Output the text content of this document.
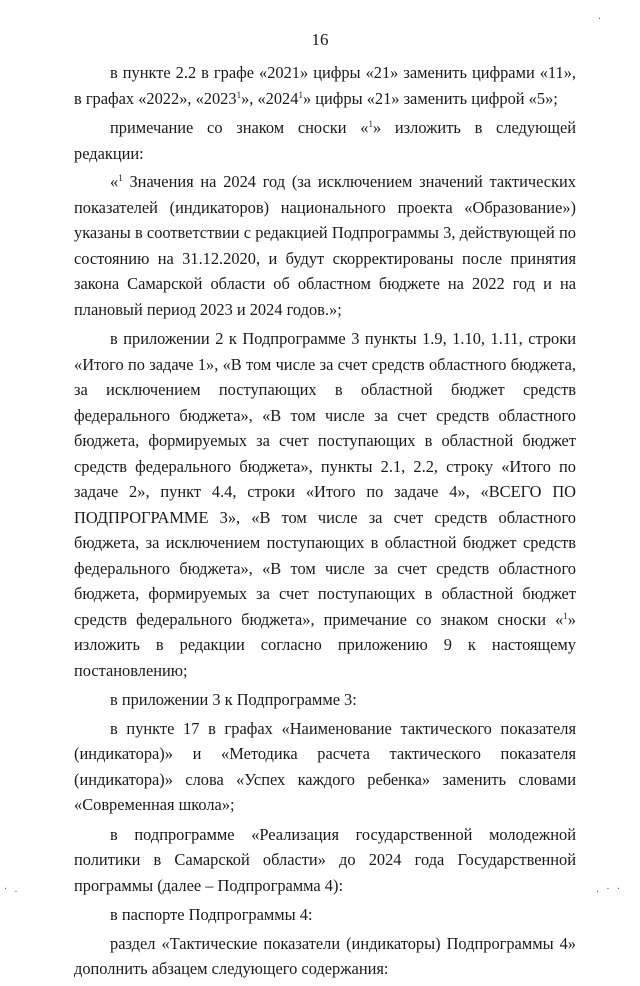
16

в пункте 2.2 в графе «2021» цифры «21» заменить цифрами «11», в графах «2022», «2023$^1$», «2024$^1$» цифры «21» заменить цифрой «5»;

примечание со знаком сноски «$^1$» изложить в следующей редакции:

«$^1$ Значения на 2024 год (за исключением значений тактических показателей (индикаторов) национального проекта «Образование») указаны в соответствии с редакцией Подпрограммы 3, действующей по состоянию на 31.12.2020, и будут скорректированы после принятия закона Самарской области об областном бюджете на 2022 год и на плановый период 2023 и 2024 годов.»;

в приложении 2 к Подпрограмме 3 пункты 1.9, 1.10, 1.11, строки «Итого по задаче 1», «В том числе за счет средств областного бюджета, за исключением поступающих в областной бюджет средств федерального бюджета», «В том числе за счет средств областного бюджета, формируемых за счет поступающих в областной бюджет средств федерального бюджета», пункты 2.1, 2.2, строку «Итого по задаче 2», пункт 4.4, строки «Итого по задаче 4», «ВСЕГО ПО ПОДПРОГРАММЕ 3», «В том числе за счет средств областного бюджета, за исключением поступающих в областной бюджет средств федерального бюджета», «В том числе за счет средств областного бюджета, формируемых за счет поступающих в областной бюджет средств федерального бюджета», примечание со знаком сноски «$^1$» изложить в редакции согласно приложению 9 к настоящему постановлению;

в приложении 3 к Подпрограмме 3:

в пункте 17 в графах «Наименование тактического показателя (индикатора)» и «Методика расчета тактического показателя (индикатора)» слова «Успех каждого ребенка» заменить словами «Современная школа»;

в подпрограмме «Реализация государственной молодежной политики в Самарской области» до 2024 года Государственной программы (далее – Подпрограмма 4):

в паспорте Подпрограммы 4:

раздел «Тактические показатели (индикаторы) Подпрограммы 4» дополнить абзацем следующего содержания:

·
· .	. · ·
